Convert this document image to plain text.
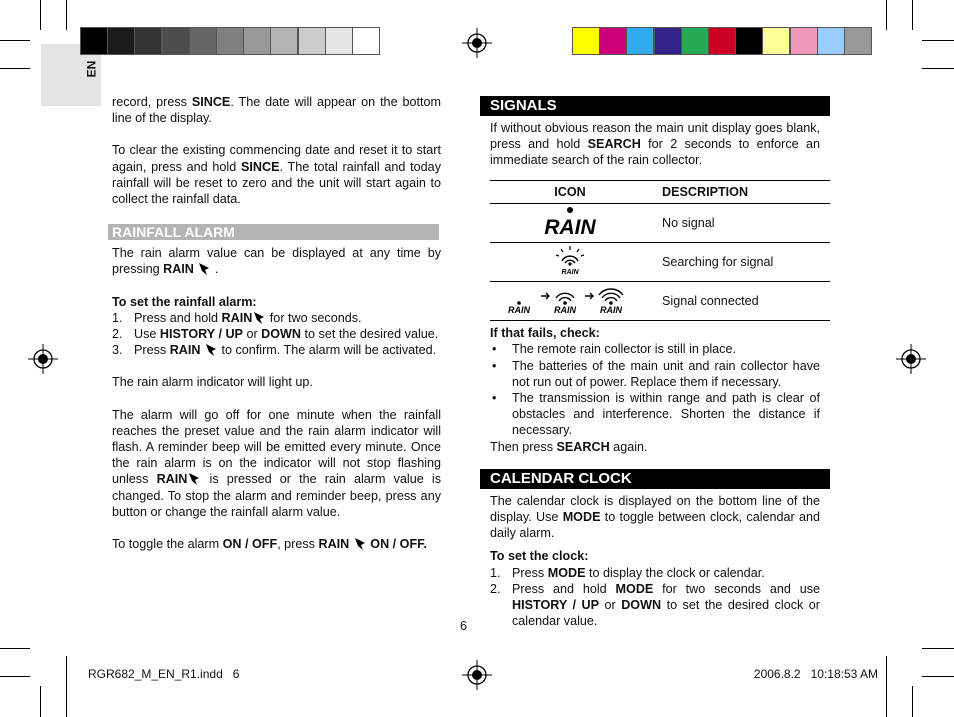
EN

record, press SINCE. The date will appear on the bottom line of the display.

To clear the existing commencing date and reset it to start again, press and hold SINCE. The total rainfall and today rainfall will be reset to zero and the unit will start again to collect the rainfall data.

RAINFALL ALARM

The rain alarm value can be displayed at any time by pressing RAIN  .

To set the rainfall alarm:

1. Press and hold RAIN for two seconds.
2. Use HISTORY / UP or DOWN to set the desired value.
3. Press RAIN  to confirm. The alarm will be activated.

The rain alarm indicator will light up.

The alarm will go off for one minute when the rainfall reaches the preset value and the rain alarm indicator will flash. A reminder beep will be emitted every minute. Once the rain alarm is on the indicator will not stop flashing unless RAIN is pressed or the rain alarm value is changed. To stop the alarm and reminder beep, press any button or change the rainfall alarm value.

To toggle the alarm ON / OFF, press RAIN  ON / OFF.

SIGNALS

If without obvious reason the main unit display goes blank, press and hold SEARCH for 2 seconds to enforce an immediate search of the rain collector.

ICON	DESCRIPTION

RAIN	No signal

RAIN	Searching for signal

RAIN RAIN RAIN	Signal connected

If that fails, check:

• The remote rain collector is still in place.
• The batteries of the main unit and rain collector have not run out of power. Replace them if necessary.
• The transmission is within range and path is clear of obstacles and interference. Shorten the distance if necessary.

Then press SEARCH again.

CALENDAR CLOCK

The calendar clock is displayed on the bottom line of the display. Use MODE to toggle between clock, calendar and daily alarm.

To set the clock:

1. Press MODE to display the clock or calendar.
2. Press and hold MODE for two seconds and use HISTORY / UP or DOWN to set the desired clock or calendar value.
6
RGR682_M_EN_R1.indd   6	2006.8.2   10:18:53 AM
